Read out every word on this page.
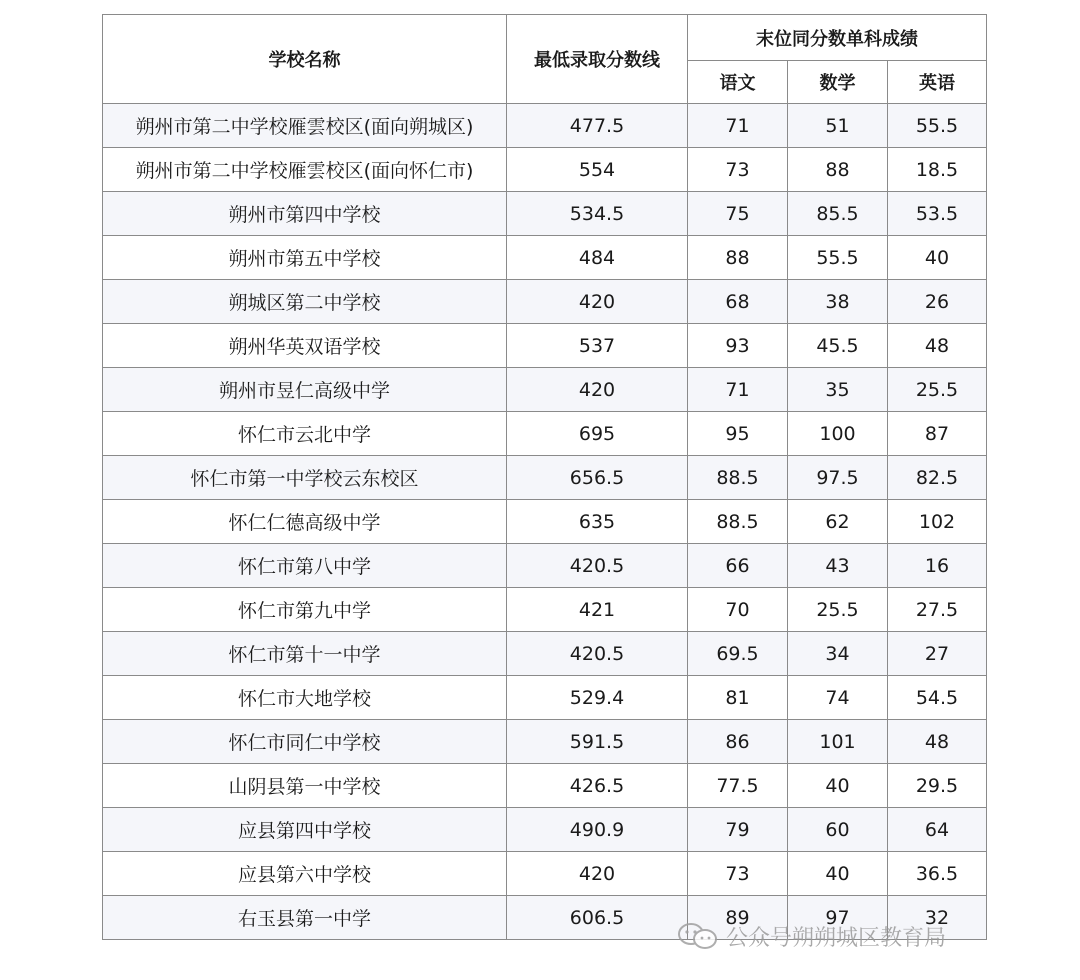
学校名称	最低录取分数线	末位同分数单科成绩		
		语文	数学	英语
朔州市第二中学校雁雲校区(面向朔城区)	477.5	71	51	55.5
朔州市第二中学校雁雲校区(面向怀仁市)	554	73	88	18.5
朔州市第四中学校	534.5	75	85.5	53.5
朔州市第五中学校	484	88	55.5	40
朔城区第二中学校	420	68	38	26
朔州华英双语学校	537	93	45.5	48
朔州市昱仁高级中学	420	71	35	25.5
怀仁市云北中学	695	95	100	87
怀仁市第一中学校云东校区	656.5	88.5	97.5	82.5
怀仁仁德高级中学	635	88.5	62	102
怀仁市第八中学	420.5	66	43	16
怀仁市第九中学	421	70	25.5	27.5
怀仁市第十一中学	420.5	69.5	34	27
怀仁市大地学校	529.4	81	74	54.5
怀仁市同仁中学校	591.5	86	101	48
山阴县第一中学校	426.5	77.5	40	29.5
应县第四中学校	490.9	79	60	64
应县第六中学校	420	73	40	36.5
右玉县第一中学	606.5	89	97	32
公众号朔朔城区教育局
